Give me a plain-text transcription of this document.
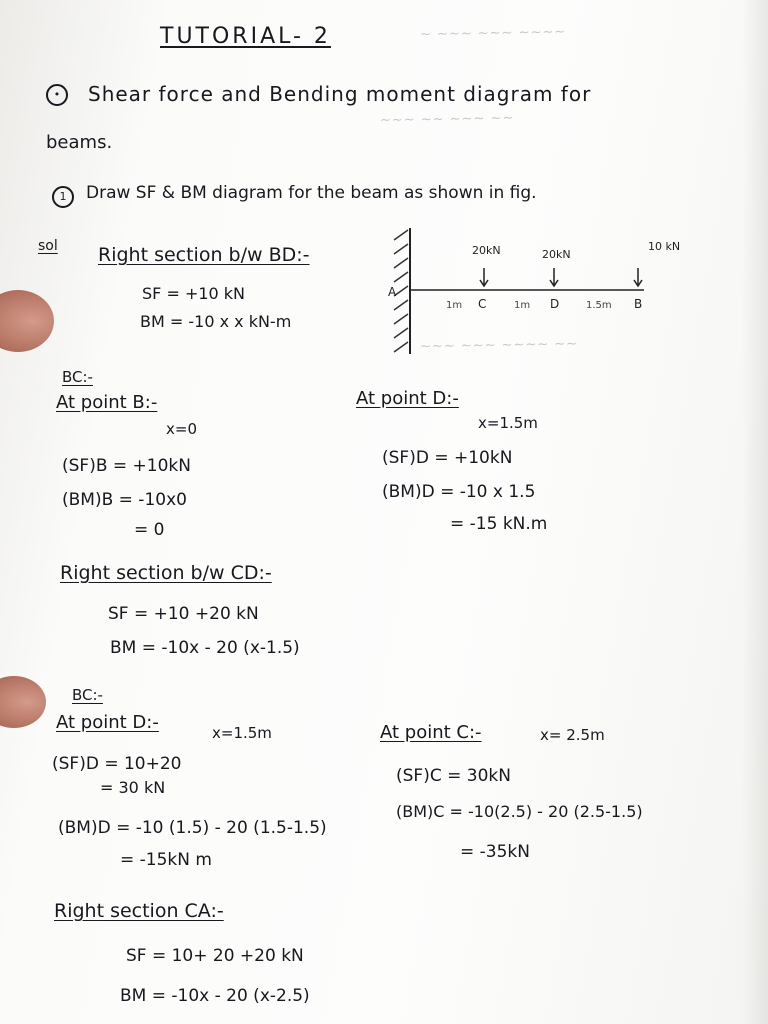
~ ~~~ ~~~ ~~~~
~~~ ~~ ~~~ ~~
~~~ ~~~ ~~~~ ~~
TUTORIAL- 2
•	Shear force and Bending moment diagram for
beams.
1	Draw SF & BM diagram for the beam as shown in fig.
sol Right section b/w BD:-
SF = +10 kN
BM = -10 x x kN-m
20kN	20kN
10 kN
A
C	D	B
1m	1m	1.5m
BC:-
At point B:-
x=0
(SF)B = +10kN
(BM)B = -10x0
= 0
At point D:-
x=1.5m
(SF)D = +10kN
(BM)D = -10 x 1.5
= -15 kN.m
Right section b/w CD:-
SF = +10 +20 kN
BM = -10x - 20 (x-1.5)
BC:-
At point D:-	x=1.5m
(SF)D = 10+20
= 30 kN
(BM)D = -10 (1.5) - 20 (1.5-1.5)
= -15kN m
At point C:-	x= 2.5m
(SF)C = 30kN
(BM)C = -10(2.5) - 20 (2.5-1.5)
= -35kN
Right section CA:-
SF = 10+ 20 +20 kN
BM = -10x - 20 (x-2.5)
